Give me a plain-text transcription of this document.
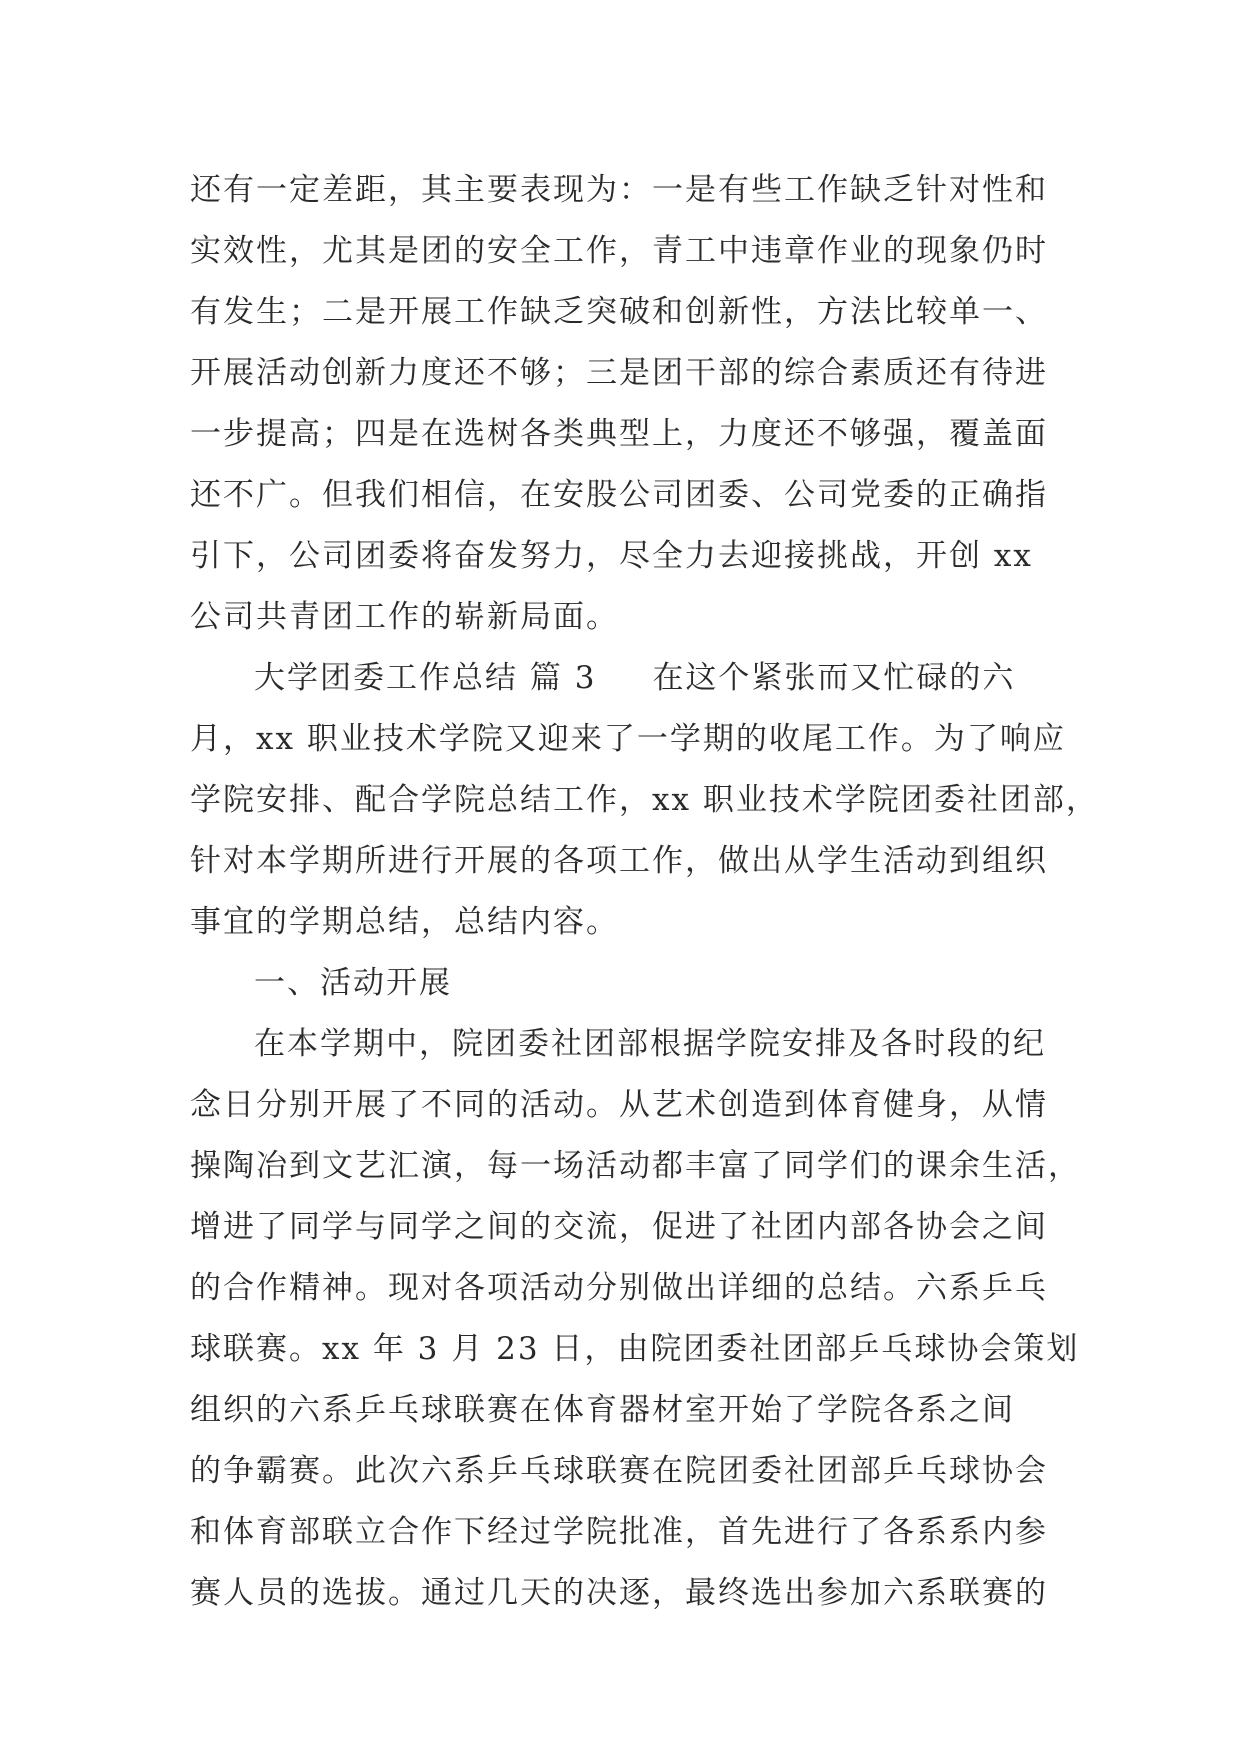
还有一定差距，其主要表现为：一是有些工作缺乏针对性和
实效性，尤其是团的安全工作，青工中违章作业的现象仍时
有发生；二是开展工作缺乏突破和创新性，方法比较单一、
开展活动创新力度还不够；三是团干部的综合素质还有待进
一步提高；四是在选树各类典型上，力度还不够强，覆盖面
还不广。但我们相信，在安股公司团委、公司党委的正确指
引下，公司团委将奋发努力，尽全力去迎接挑战，开创 xx
公司共青团工作的崭新局面。
大学团委工作总结 篇 3 在这个紧张而又忙碌的六
月，xx 职业技术学院又迎来了一学期的收尾工作。为了响应
学院安排、配合学院总结工作，xx 职业技术学院团委社团部，
针对本学期所进行开展的各项工作，做出从学生活动到组织
事宜的学期总结，总结内容。
一、活动开展
在本学期中，院团委社团部根据学院安排及各时段的纪
念日分别开展了不同的活动。从艺术创造到体育健身，从情
操陶冶到文艺汇演，每一场活动都丰富了同学们的课余生活，
增进了同学与同学之间的交流，促进了社团内部各协会之间
的合作精神。现对各项活动分别做出详细的总结。六系乒乓
球联赛。xx 年 3 月 23 日，由院团委社团部乒乓球协会策划
组织的六系乒乓球联赛在体育器材室开始了学院各系之间
的争霸赛。此次六系乒乓球联赛在院团委社团部乒乓球协会
和体育部联立合作下经过学院批准，首先进行了各系系内参
赛人员的选拔。通过几天的决逐，最终选出参加六系联赛的
